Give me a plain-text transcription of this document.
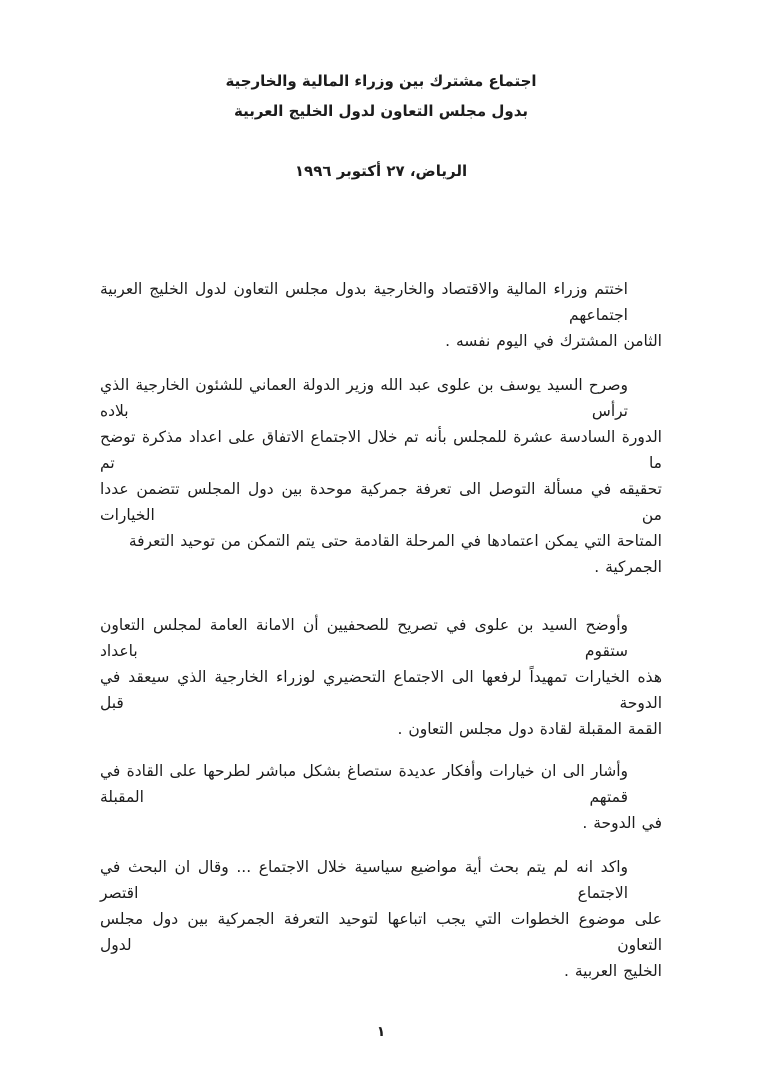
اجتماع مشترك بين وزراء المالية والخارجية
بدول مجلس التعاون لدول الخليج العربية
الرياض، ٢٧ أكتوبر ١٩٩٦
اختتم وزراء المالية والاقتصاد والخارجية بدول مجلس التعاون لدول الخليج العربية اجتماعهم
الثامن المشترك في اليوم نفسه .
وصرح السيد يوسف بن علوى عبد الله وزير الدولة العماني للشئون الخارجية الذي ترأس بلاده
الدورة السادسة عشرة للمجلس بأنه تم خلال الاجتماع الاتفاق على اعداد مذكرة توضح ما تم
تحقيقه في مسألة التوصل الى تعرفة جمركية موحدة بين دول المجلس تتضمن عددا من الخيارات
المتاحة التي يمكن اعتمادها في المرحلة القادمة حتى يتم التمكن من توحيد التعرفة الجمركية .
وأوضح السيد بن علوى في تصريح للصحفيين أن الامانة العامة لمجلس التعاون ستقوم باعداد
هذه الخيارات تمهيداً لرفعها الى الاجتماع التحضيري لوزراء الخارجية الذي سيعقد في الدوحة قبل
القمة المقبلة لقادة دول مجلس التعاون .
وأشار الى ان خيارات وأفكار عديدة ستصاغ بشكل مباشر لطرحها على القادة في قمتهم المقبلة
في الدوحة .
واكد انه لم يتم بحث أية مواضيع سياسية خلال الاجتماع ... وقال ان البحث في الاجتماع اقتصر
على موضوع الخطوات التي يجب اتباعها لتوحيد التعرفة الجمركية بين دول مجلس التعاون لدول
الخليج العربية .
١
